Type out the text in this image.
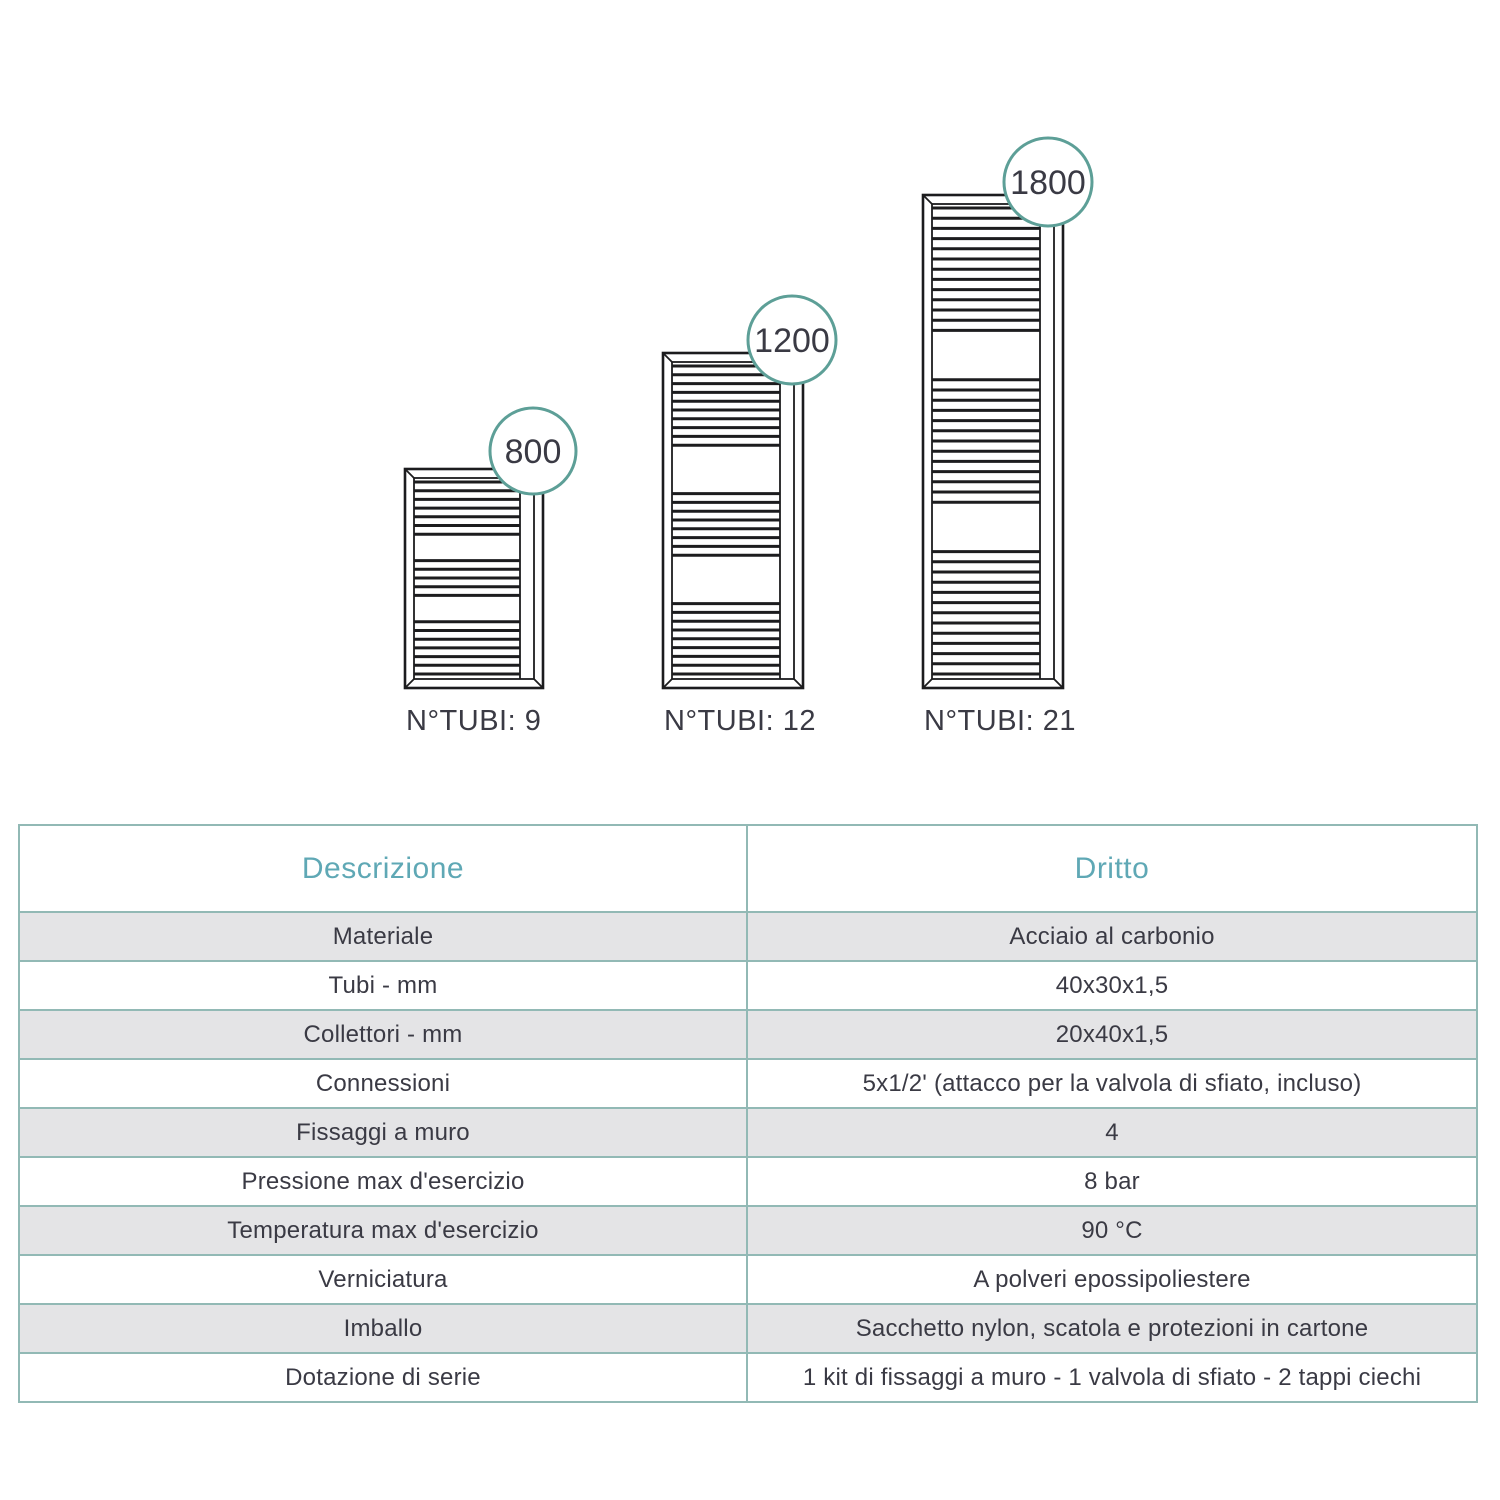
800
N°TUBI: 9
1200
N°TUBI: 12
1800
N°TUBI: 21
Descrizione	Dritto
Materiale	Acciaio al carbonio
Tubi - mm	40x30x1,5
Collettori - mm	20x40x1,5
Connessioni	5x1/2' (attacco per la valvola di sfiato, incluso)
Fissaggi a muro	4
Pressione max d'esercizio	8 bar
Temperatura max d'esercizio	90 °C
Verniciatura	A polveri epossipoliestere
Imballo	Sacchetto nylon, scatola e protezioni in cartone
Dotazione di serie	1 kit di fissaggi a muro - 1 valvola di sfiato - 2 tappi ciechi
